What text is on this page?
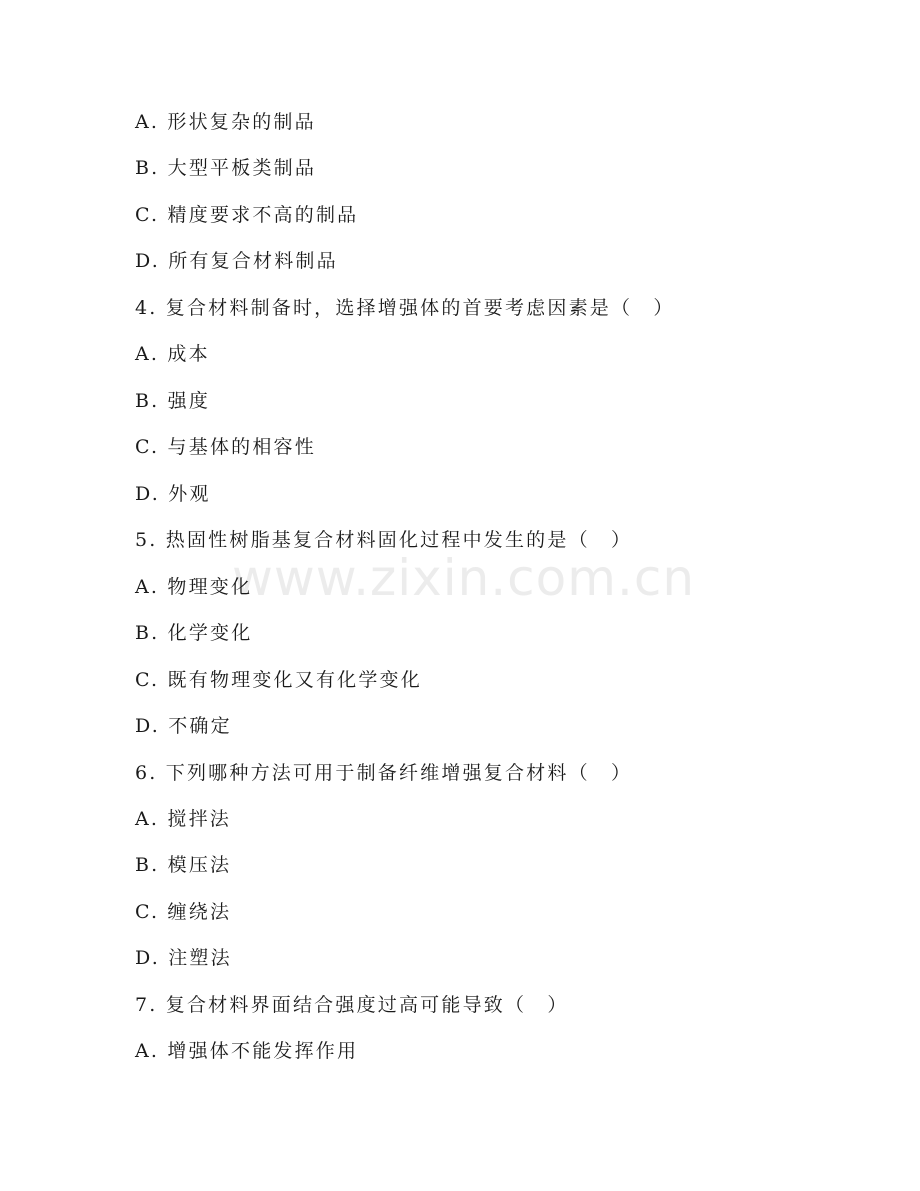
www.zixin.com.cn
A. 形状复杂的制品
B. 大型平板类制品
C. 精度要求不高的制品
D. 所有复合材料制品
4. 复合材料制备时，选择增强体的首要考虑因素是（　）
A. 成本
B. 强度
C. 与基体的相容性
D. 外观
5. 热固性树脂基复合材料固化过程中发生的是（　）
A. 物理变化
B. 化学变化
C. 既有物理变化又有化学变化
D. 不确定
6. 下列哪种方法可用于制备纤维增强复合材料（　）
A. 搅拌法
B. 模压法
C. 缠绕法
D. 注塑法
7. 复合材料界面结合强度过高可能导致（　）
A. 增强体不能发挥作用
